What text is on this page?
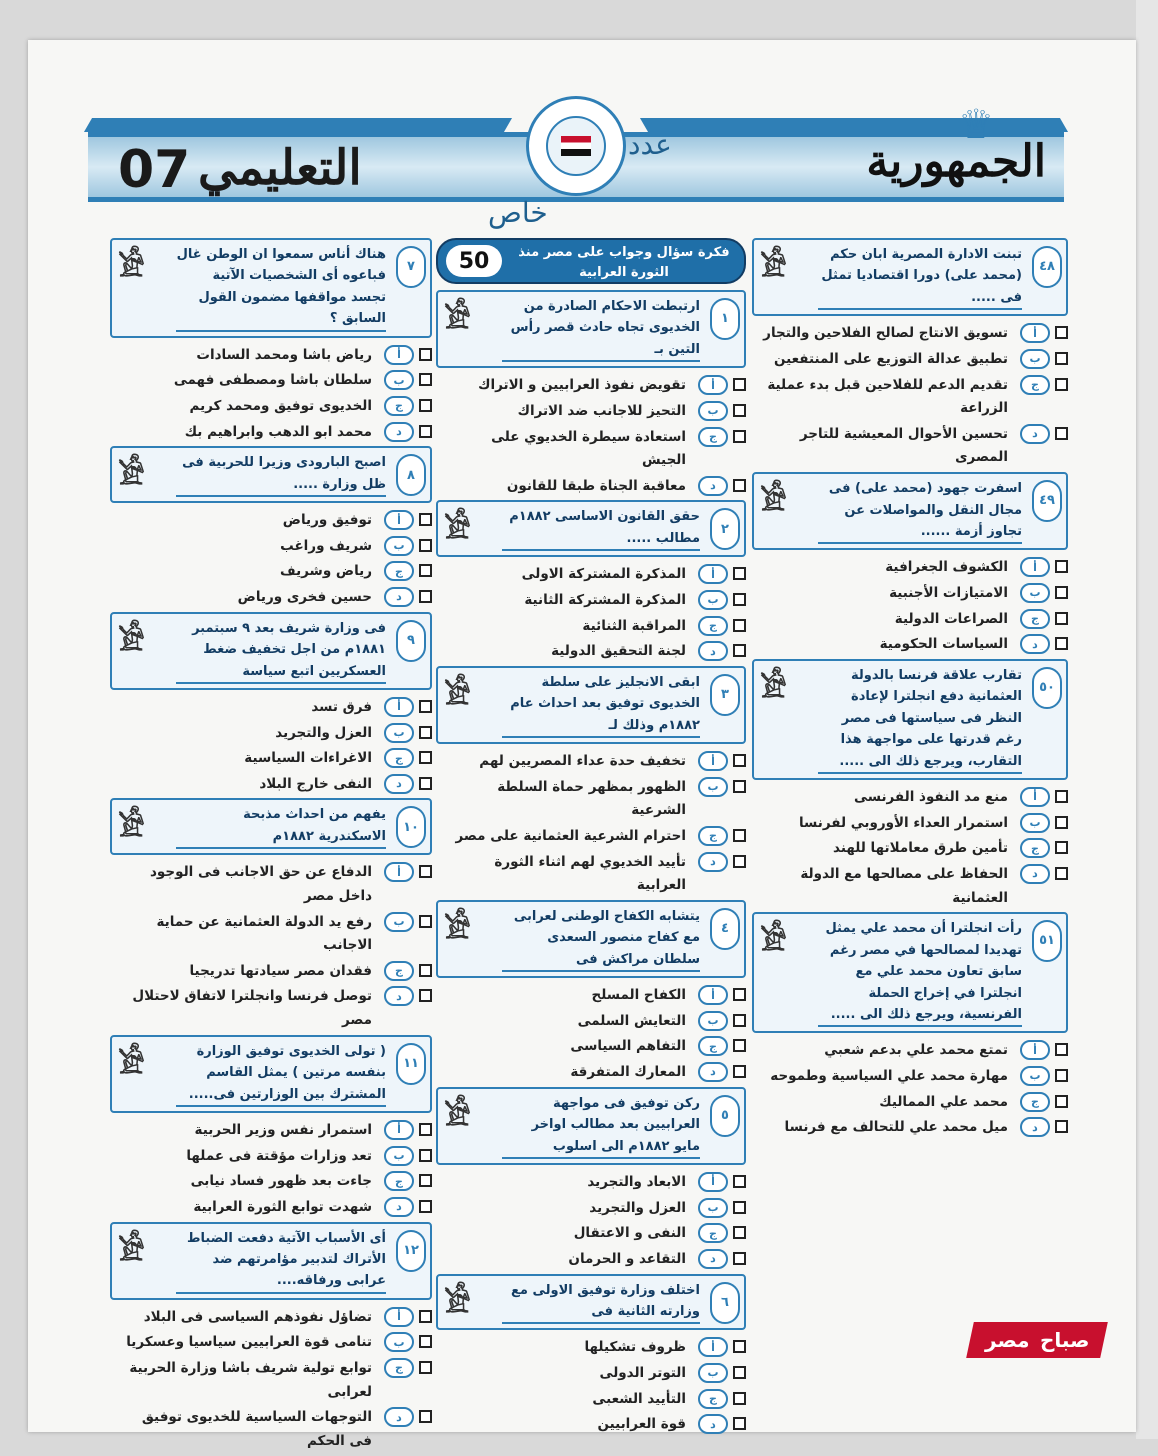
07 التعليمي	عدد
خاص
♕
الجمهورية
٤٨
𓀀	تبنت الادارة المصرية ابان حكم (محمد على) دورا اقتصاديا تمثل فى .....
أ
تسويق الانتاج لصالح الفلاحين والتجار
ب
تطبيق عدالة التوزيع على المنتفعين
ج
تقديم الدعم للفلاحين قبل بدء عملية الزراعة
د
تحسين الأحوال المعيشية للتاجر المصرى
٤٩
𓀀	اسفرت جهود (محمد على) فى مجال النقل والمواصلات عن تجاوز أزمة ......
أ
الكشوف الجغرافية
ب
الامتيازات الأجنبية
ج
الصراعات الدولية
د
السياسات الحكومية
٥٠
𓀀	تقارب علاقة فرنسا بالدولة العثمانية دفع انجلترا لإعادة النظر فى سياستها فى مصر رغم قدرتها على مواجهة هذا التقارب، ويرجع ذلك الى .....
أ
منع مد النفوذ الفرنسى
ب
استمرار العداء الأوروبي لفرنسا
ج
تأمين طرق معاملاتها للهند
د
الحفاظ على مصالحها مع الدولة العثمانية
٥١
𓀀	رأت انجلترا أن محمد علي يمثل تهديدا لمصالحها في مصر رغم سابق تعاون محمد علي مع انجلترا في إخراج الحملة الفرنسية، ويرجع ذلك الى .....
أ
تمتع محمد علي بدعم شعبي
ب
مهارة محمد علي السياسية وطموحه
ج
محمد علي المماليك
د
ميل محمد علي للتحالف مع فرنسا
50	فكرة سؤال وجواب على مصر منذ الثورة العرابية
١
𓀀	ارتبطت الاحكام الصادرة من الخديوى تجاه حادث قصر رأس التين بـ
أ
تقويض نفوذ العرابيين و الاتراك
ب
التحيز للاجانب ضد الاتراك
ج
استعادة سيطرة الخديوي على الجيش
د
معاقبة الجناة طبقا للقانون
٢
𓀀	حقق القانون الاساسى ١٨٨٢م مطالب .....
أ
المذكرة المشتركة الاولى
ب
المذكرة المشتركة الثانية
ج
المراقبة الثنائية
د
لجنة التحقيق الدولية
٣
𓀀	ابقى الانجليز على سلطة الخديوى توفيق بعد احداث عام ١٨٨٢م وذلك لـ
أ
تخفيف حدة عداء المصريين لهم
ب
الظهور بمظهر حماة السلطة الشرعية
ج
احترام الشرعية العثمانية على مصر
د
تأييد الخديوي لهم اثناء الثورة العرابية
٤
𓀀	يتشابه الكفاح الوطنى لعرابى مع كفاح منصور السعدى سلطان مراكش فى
أ
الكفاح المسلح
ب
التعايش السلمى
ج
التفاهم السياسى
د
المعارك المتفرقة
٥
𓀀	ركن توفيق فى مواجهة العرابيين بعد مطالب اواخر مايو ١٨٨٢م الى اسلوب
أ
الابعاد والتجريد
ب
العزل والتجريد
ج
النفى و الاعتقال
د
التقاعد و الحرمان
٦
𓀀	اختلف وزارة توفيق الاولى مع وزارته الثانية فى
أ
ظروف تشكيلها
ب
التوتر الدولى
ج
التأييد الشعبى
د
قوة العرابيين
٧
𓀀 هناك أناس سمعوا ان الوطن غال فباعوه أى الشخصيات الآتية تجسد مواقفها مضمون القول السابق ؟
أ
رياض باشا ومحمد السادات
ب
سلطان باشا ومصطفى فهمى
ج
الخديوى توفيق ومحمد كريم
د
محمد ابو الدهب وابراهيم بك
٨
𓀀	اصبح البارودى وزيرا للحربية فى ظل وزارة .....
أ
توفيق ورياض
ب
شريف وراغب
ج
رياض وشريف
د
حسين فخرى ورياض
٩
𓀀	فى وزارة شريف بعد ٩ سبتمبر ١٨٨١م من اجل تخفيف ضغط العسكريين اتبع سياسة
أ
فرق تسد
ب
العزل والتجريد
ج
الاغراءات السياسية
د
النفى خارج البلاد
١٠
𓀀	يفهم من احداث مذبحة الاسكندرية ١٨٨٢م
أ
الدفاع عن حق الاجانب فى الوجود داخل مصر
ب
رفع يد الدولة العثمانية عن حماية الاجانب
ج
فقدان مصر سيادتها تدريجيا
د
توصل فرنسا وانجلترا لاتفاق لاحتلال مصر
١١
𓀀	( تولى الخديوى توفيق الوزارة بنفسه مرتين ) يمثل القاسم المشترك بين الوزارتين فى.....
أ
استمرار نفس وزير الحربية
ب
تعد وزارات مؤقتة فى عملها
ج
جاءت بعد ظهور فساد نيابى
د
شهدت توابع الثورة العرابية
١٢
𓀀	أى الأسباب الآتية دفعت الضباط الأتراك لتدبير مؤامرتهم ضد عرابى ورفاقه....
أ
تضاؤل نفوذهم السياسى فى البلاد
ب
تنامى قوة العرابيين سياسيا وعسكريا
ج
توابع تولية شريف باشا وزارة الحربية لعرابى
د
التوجهات السياسية للخديوى توفيق فى الحكم
صباح
مصر
